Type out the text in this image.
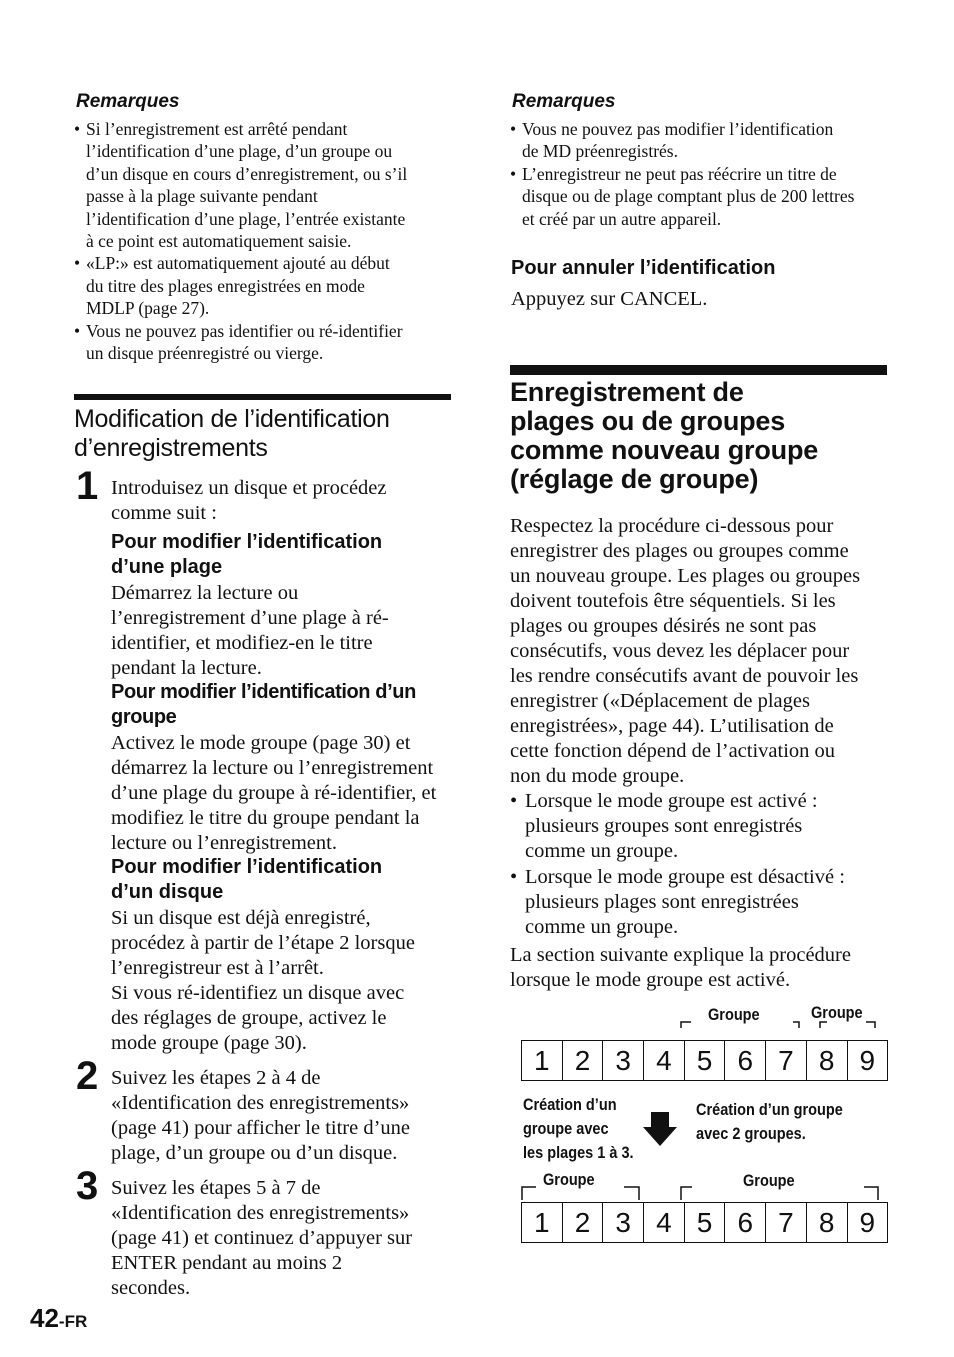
Remarques
• Si l’enregistrement est arrêté pendant
l’identification d’une plage, d’un groupe ou
d’un disque en cours d’enregistrement, ou s’il
passe à la plage suivante pendant
l’identification d’une plage, l’entrée existante
à ce point est automatiquement saisie.
• «LP:» est automatiquement ajouté au début
du titre des plages enregistrées en mode
MDLP (page 27).
• Vous ne pouvez pas identifier ou ré-identifier
un disque préenregistré ou vierge.
Modification de l’identification
d’enregistrements
1 Introduisez un disque et procédez
comme suit :
Pour modifier l’identification
d’une plage
Démarrez la lecture ou
l’enregistrement d’une plage à ré-
identifier, et modifiez-en le titre
pendant la lecture.
Pour modifier l’identification d’un
groupe
Activez le mode groupe (page 30) et
démarrez la lecture ou l’enregistrement
d’une plage du groupe à ré-identifier, et
modifiez le titre du groupe pendant la
lecture ou l’enregistrement.
Pour modifier l’identification
d’un disque
Si un disque est déjà enregistré,
procédez à partir de l’étape 2 lorsque
l’enregistreur est à l’arrêt.
Si vous ré-identifiez un disque avec
des réglages de groupe, activez le
mode groupe (page 30).
2 Suivez les étapes 2 à 4 de
«Identification des enregistrements»
(page 41) pour afficher le titre d’une
plage, d’un groupe ou d’un disque.
3 Suivez les étapes 5 à 7 de
«Identification des enregistrements»
(page 41) et continuez d’appuyer sur
ENTER pendant au moins 2
secondes.
42-FR
Remarques
• Vous ne pouvez pas modifier l’identification
de MD préenregistrés.
• L’enregistreur ne peut pas réécrire un titre de
disque ou de plage comptant plus de 200 lettres
et créé par un autre appareil.
Pour annuler l’identification
Appuyez sur CANCEL.
Enregistrement de
plages ou de groupes
comme nouveau groupe
(réglage de groupe)
Respectez la procédure ci-dessous pour
enregistrer des plages ou groupes comme
un nouveau groupe. Les plages ou groupes
doivent toutefois être séquentiels. Si les
plages ou groupes désirés ne sont pas
consécutifs, vous devez les déplacer pour
les rendre consécutifs avant de pouvoir les
enregistrer («Déplacement de plages
enregistrées», page 44). L’utilisation de
cette fonction dépend de l’activation ou
non du mode groupe.
• Lorsque le mode groupe est activé :
plusieurs groupes sont enregistrés
comme un groupe.
• Lorsque le mode groupe est désactivé :
plusieurs plages sont enregistrées
comme un groupe.
La section suivante explique la procédure
lorsque le mode groupe est activé.
Groupe	Groupe
1 2 3 4 5 6 7 8 9
Création d’un
groupe avec
les plages 1 à 3.
Création d’un groupe
avec 2 groupes.
Groupe	Groupe
1 2 3 4 5 6 7 8 9
